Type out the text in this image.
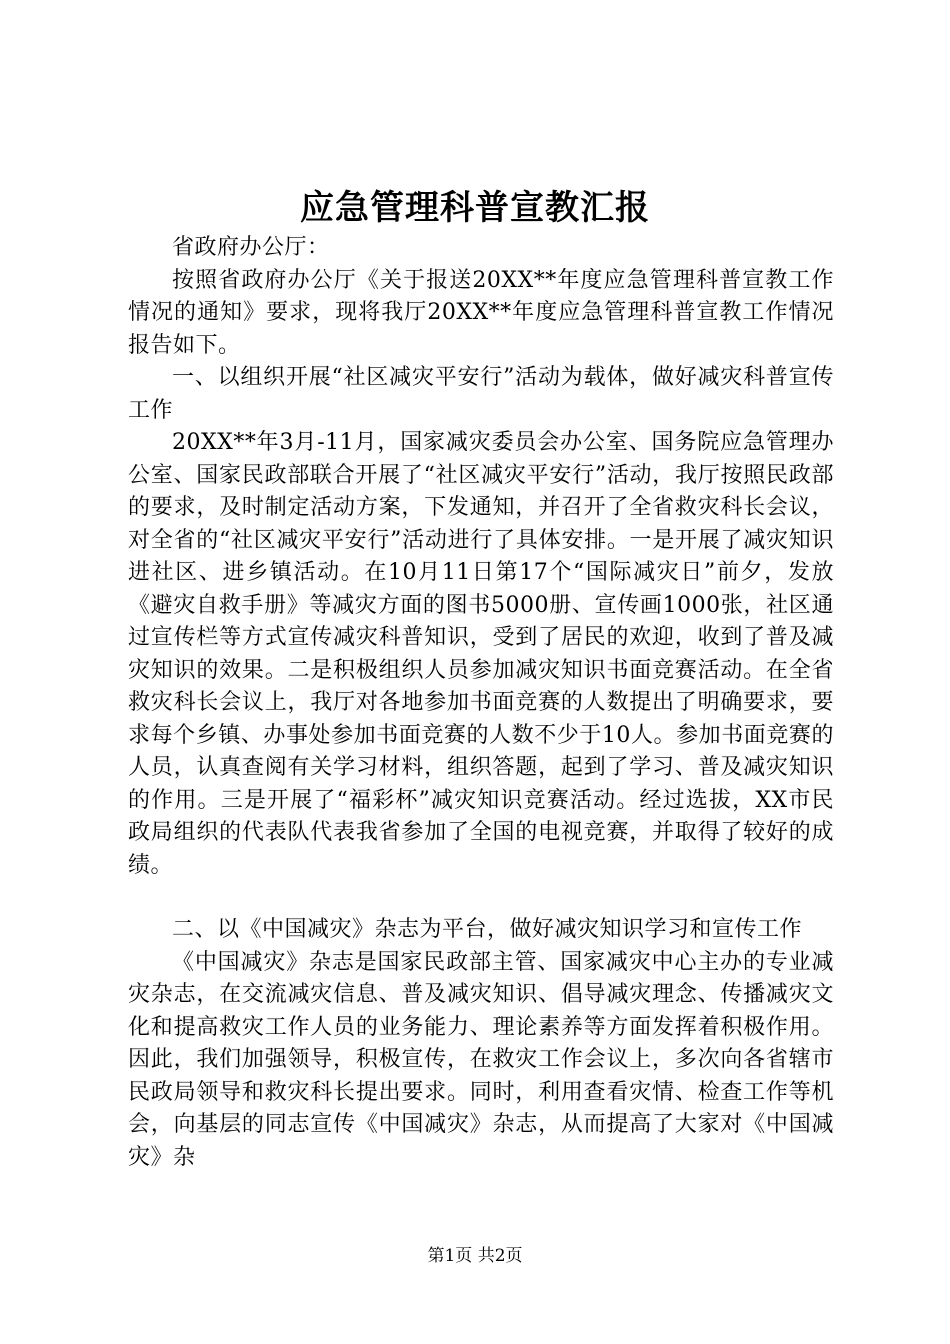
应急管理科普宣教汇报

省政府办公厅：

按照省政府办公厅《关于报送20XX**年度应急管理科普宣教工作情况的通知》要求，现将我厅20XX**年度应急管理科普宣教工作情况报告如下。

一、以组织开展“社区减灾平安行”活动为载体，做好减灾科普宣传工作

20XX**年3月-11月，国家减灾委员会办公室、国务院应急管理办公室、国家民政部联合开展了“社区减灾平安行”活动，我厅按照民政部的要求，及时制定活动方案，下发通知，并召开了全省救灾科长会议，对全省的“社区减灾平安行”活动进行了具体安排。一是开展了减灾知识进社区、进乡镇活动。在10月11日第17个“国际减灾日”前夕，发放《避灾自救手册》等减灾方面的图书5000册、宣传画1000张，社区通过宣传栏等方式宣传减灾科普知识，受到了居民的欢迎，收到了普及减灾知识的效果。二是积极组织人员参加减灾知识书面竞赛活动。在全省救灾科长会议上，我厅对各地参加书面竞赛的人数提出了明确要求，要求每个乡镇、办事处参加书面竞赛的人数不少于10人。参加书面竞赛的人员，认真查阅有关学习材料，组织答题，起到了学习、普及减灾知识的作用。三是开展了“福彩杯”减灾知识竞赛活动。经过选拔，XX市民政局组织的代表队代表我省参加了全国的电视竞赛，并取得了较好的成绩。

二、以《中国减灾》杂志为平台，做好减灾知识学习和宣传工作

《中国减灾》杂志是国家民政部主管、国家减灾中心主办的专业减灾杂志，在交流减灾信息、普及减灾知识、倡导减灾理念、传播减灾文化和提高救灾工作人员的业务能力、理论素养等方面发挥着积极作用。因此，我们加强领导，积极宣传，在救灾工作会议上，多次向各省辖市民政局领导和救灾科长提出要求。同时，利用查看灾情、检查工作等机会，向基层的同志宣传《中国减灾》杂志，从而提高了大家对《中国减灾》杂

第1页 共2页
